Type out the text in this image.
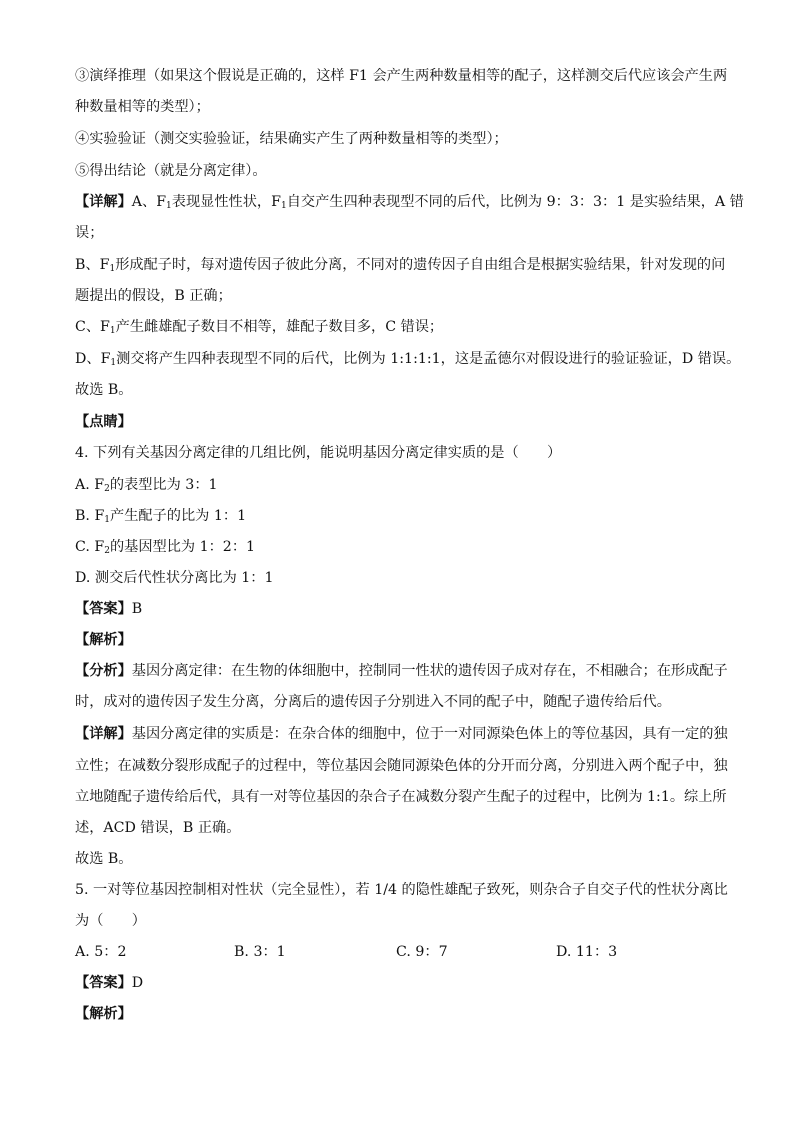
③演绎推理（如果这个假说是正确的，这样 F1 会产生两种数量相等的配子，这样测交后代应该会产生两
种数量相等的类型）；
④实验验证（测交实验验证，结果确实产生了两种数量相等的类型）；
⑤得出结论（就是分离定律）。
【详解】A、$F_1$表现显性性状，$F_1$自交产生四种表现型不同的后代，比例为 9：3：3：1 是实验结果，A 错
误；
B、$F_1$形成配子时，每对遗传因子彼此分离，不同对的遗传因子自由组合是根据实验结果，针对发现的问
题提出的假设，B 正确；
C、$F_1$产生雌雄配子数目不相等，雄配子数目多，C 错误；
D、$F_1$测交将产生四种表现型不同的后代，比例为 1:1:1:1，这是孟德尔对假设进行的验证验证，D 错误。
故选 B。
【点睛】
4. 下列有关基因分离定律的几组比例，能说明基因分离定律实质的是（　　）
A. $F_2$的表型比为 3：1
B. $F_1$产生配子的比为 1：1
C. $F_2$的基因型比为 1：2：1
D. 测交后代性状分离比为 1：1
【答案】B
【解析】
【分析】基因分离定律：在生物的体细胞中，控制同一性状的遗传因子成对存在，不相融合；在形成配子
时，成对的遗传因子发生分离，分离后的遗传因子分别进入不同的配子中，随配子遗传给后代。
【详解】基因分离定律的实质是：在杂合体的细胞中，位于一对同源染色体上的等位基因，具有一定的独
立性；在减数分裂形成配子的过程中，等位基因会随同源染色体的分开而分离，分别进入两个配子中，独
立地随配子遗传给后代，具有一对等位基因的杂合子在减数分裂产生配子的过程中，比例为 1:1。综上所
述，ACD 错误，B 正确。
故选 B。
5. 一对等位基因控制相对性状（完全显性），若 1/4 的隐性雄配子致死，则杂合子自交子代的性状分离比
为（　　）
A. 5：2	B. 3：1	C. 9：7	D. 11：3
【答案】D
【解析】
